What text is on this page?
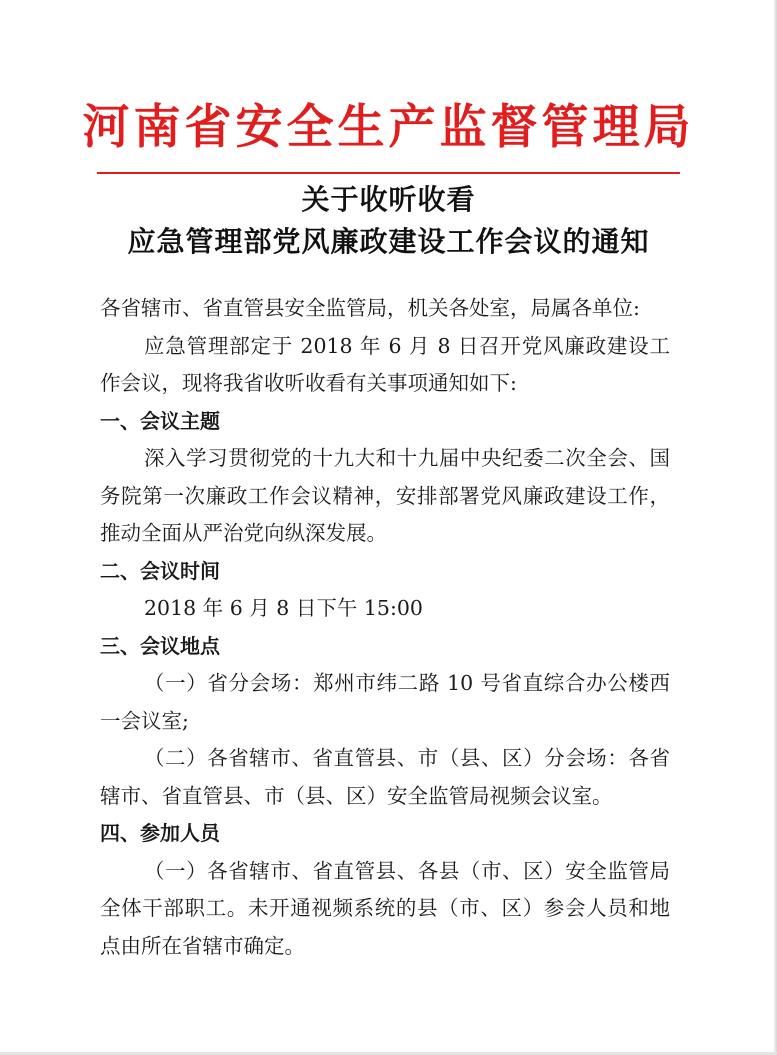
河南省安全生产监督管理局
关于收听收看
应急管理部党风廉政建设工作会议的通知

各省辖市、省直管县安全监管局，机关各处室，局属各单位:

应急管理部定于 2018 年 6 月 8 日召开党风廉政建设工作会议，现将我省收听收看有关事项通知如下:

一、会议主题

深入学习贯彻党的十九大和十九届中央纪委二次全会、国务院第一次廉政工作会议精神，安排部署党风廉政建设工作，推动全面从严治党向纵深发展。

二、会议时间

2018 年 6 月 8 日下午 15:00

三、会议地点

（一）省分会场：郑州市纬二路 10 号省直综合办公楼西一会议室;

（二）各省辖市、省直管县、市（县、区）分会场：各省辖市、省直管县、市（县、区）安全监管局视频会议室。

四、参加人员

（一）各省辖市、省直管县、各县（市、区）安全监管局全体干部职工。未开通视频系统的县（市、区）参会人员和地点由所在省辖市确定。
